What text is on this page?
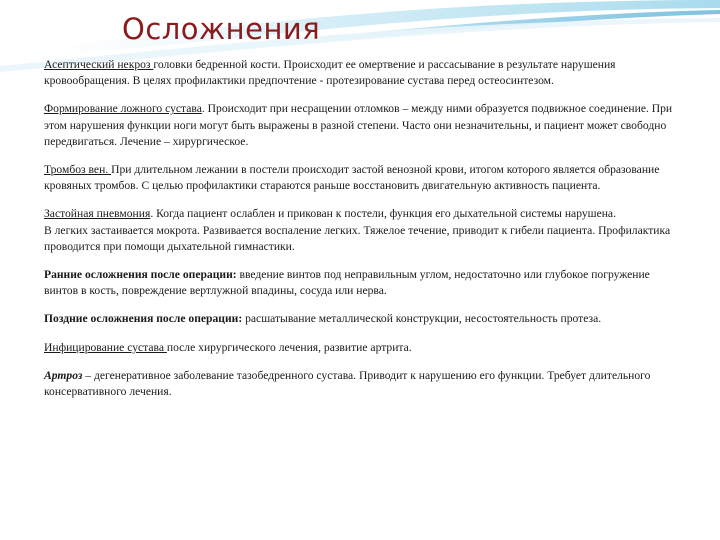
Осложнения

Асептический некроз головки бедренной кости. Происходит ее омертвение и рассасывание в результате нарушения кровообращения. В целях профилактики предпочтение - протезирование сустава перед остеосинтезом.

Формирование ложного сустава. Происходит при несращении отломков – между ними образуется подвижное соединение. При этом нарушения функции ноги могут быть выражены в разной степени. Часто они незначительны, и пациент может свободно передвигаться. Лечение – хирургическое.

Тромбоз вен. При длительном лежании в постели происходит застой венозной крови, итогом которого является образование кровяных тромбов. С целью профилактики стараются раньше восстановить двигательную активность пациента.

Застойная пневмония. Когда пациент ослаблен и прикован к постели, функция его дыхательной системы нарушена.
В легких застаивается мокрота. Развивается воспаление легких. Тяжелое течение, приводит к гибели пациента. Профилактика проводится при помощи дыхательной гимнастики.

Ранние осложнения после операции: введение винтов под неправильным углом, недостаточно или глубокое погружение винтов в кость, повреждение вертлужной впадины, сосуда или нерва.

Поздние осложнения после операции: расшатывание металлической конструкции, несостоятельность протеза.

Инфицирование сустава после хирургического лечения, развитие артрита.

Артроз – дегенеративное заболевание тазобедренного сустава. Приводит к нарушению его функции. Требует длительного консервативного лечения.
